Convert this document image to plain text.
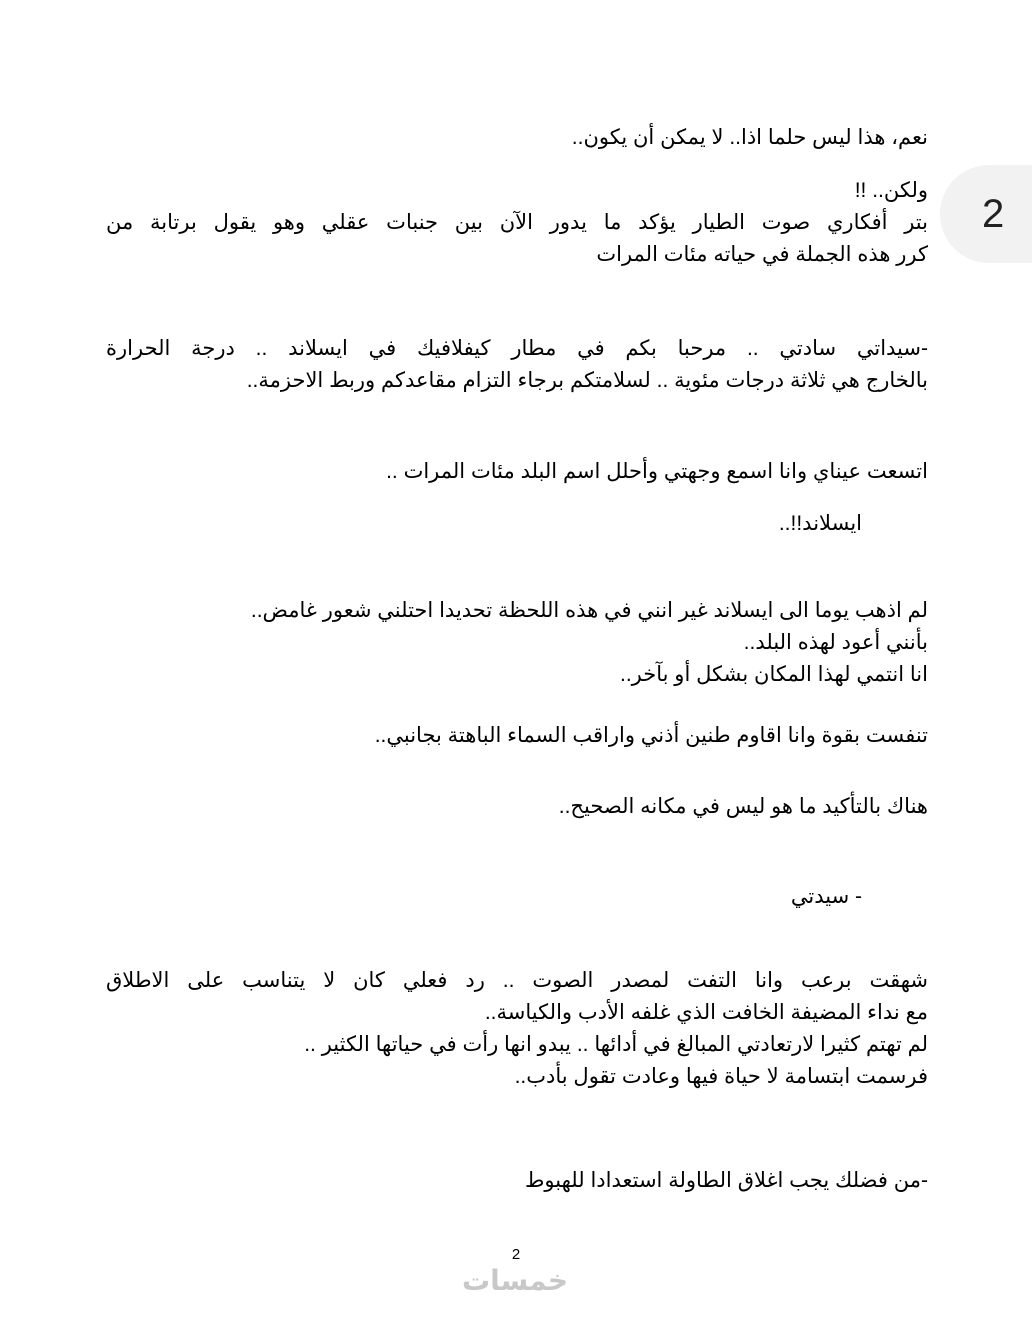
2
نعم، هذا ليس حلما اذا.. لا يمكن أن يكون..
ولكن.. !!
بتر أفكاري صوت الطيار يؤكد ما يدور الآن بين جنبات عقلي وهو يقول برتابة من
كرر هذه الجملة في حياته مئات المرات
-سيداتي سادتي .. مرحبا بكم في مطار كيفلافيك في ايسلاند .. درجة الحرارة
بالخارج هي ثلاثة درجات مئوية .. لسلامتكم برجاء التزام مقاعدكم وربط الاحزمة..
اتسعت عيناي وانا اسمع وجهتي وأحلل اسم البلد مئات المرات ..
ايسلاند!!..
لم اذهب يوما الى ايسلاند غير انني في هذه اللحظة تحديدا احتلني شعور غامض..
بأنني أعود لهذه البلد..
انا انتمي لهذا المكان بشكل أو بآخر..
تنفست بقوة وانا اقاوم طنين أذني واراقب السماء الباهتة بجانبي..
هناك بالتأكيد ما هو ليس في مكانه الصحيح..
- سيدتي
شهقت برعب وانا التفت لمصدر الصوت .. رد فعلي كان لا يتناسب على الاطلاق
مع نداء المضيفة الخافت الذي غلفه الأدب والكياسة..
لم تهتم كثيرا لارتعادتي المبالغ في أدائها .. يبدو انها رأت في حياتها الكثير ..
فرسمت ابتسامة لا حياة فيها وعادت تقول بأدب..
-من فضلك يجب اغلاق الطاولة استعدادا للهبوط
2
خمسات
